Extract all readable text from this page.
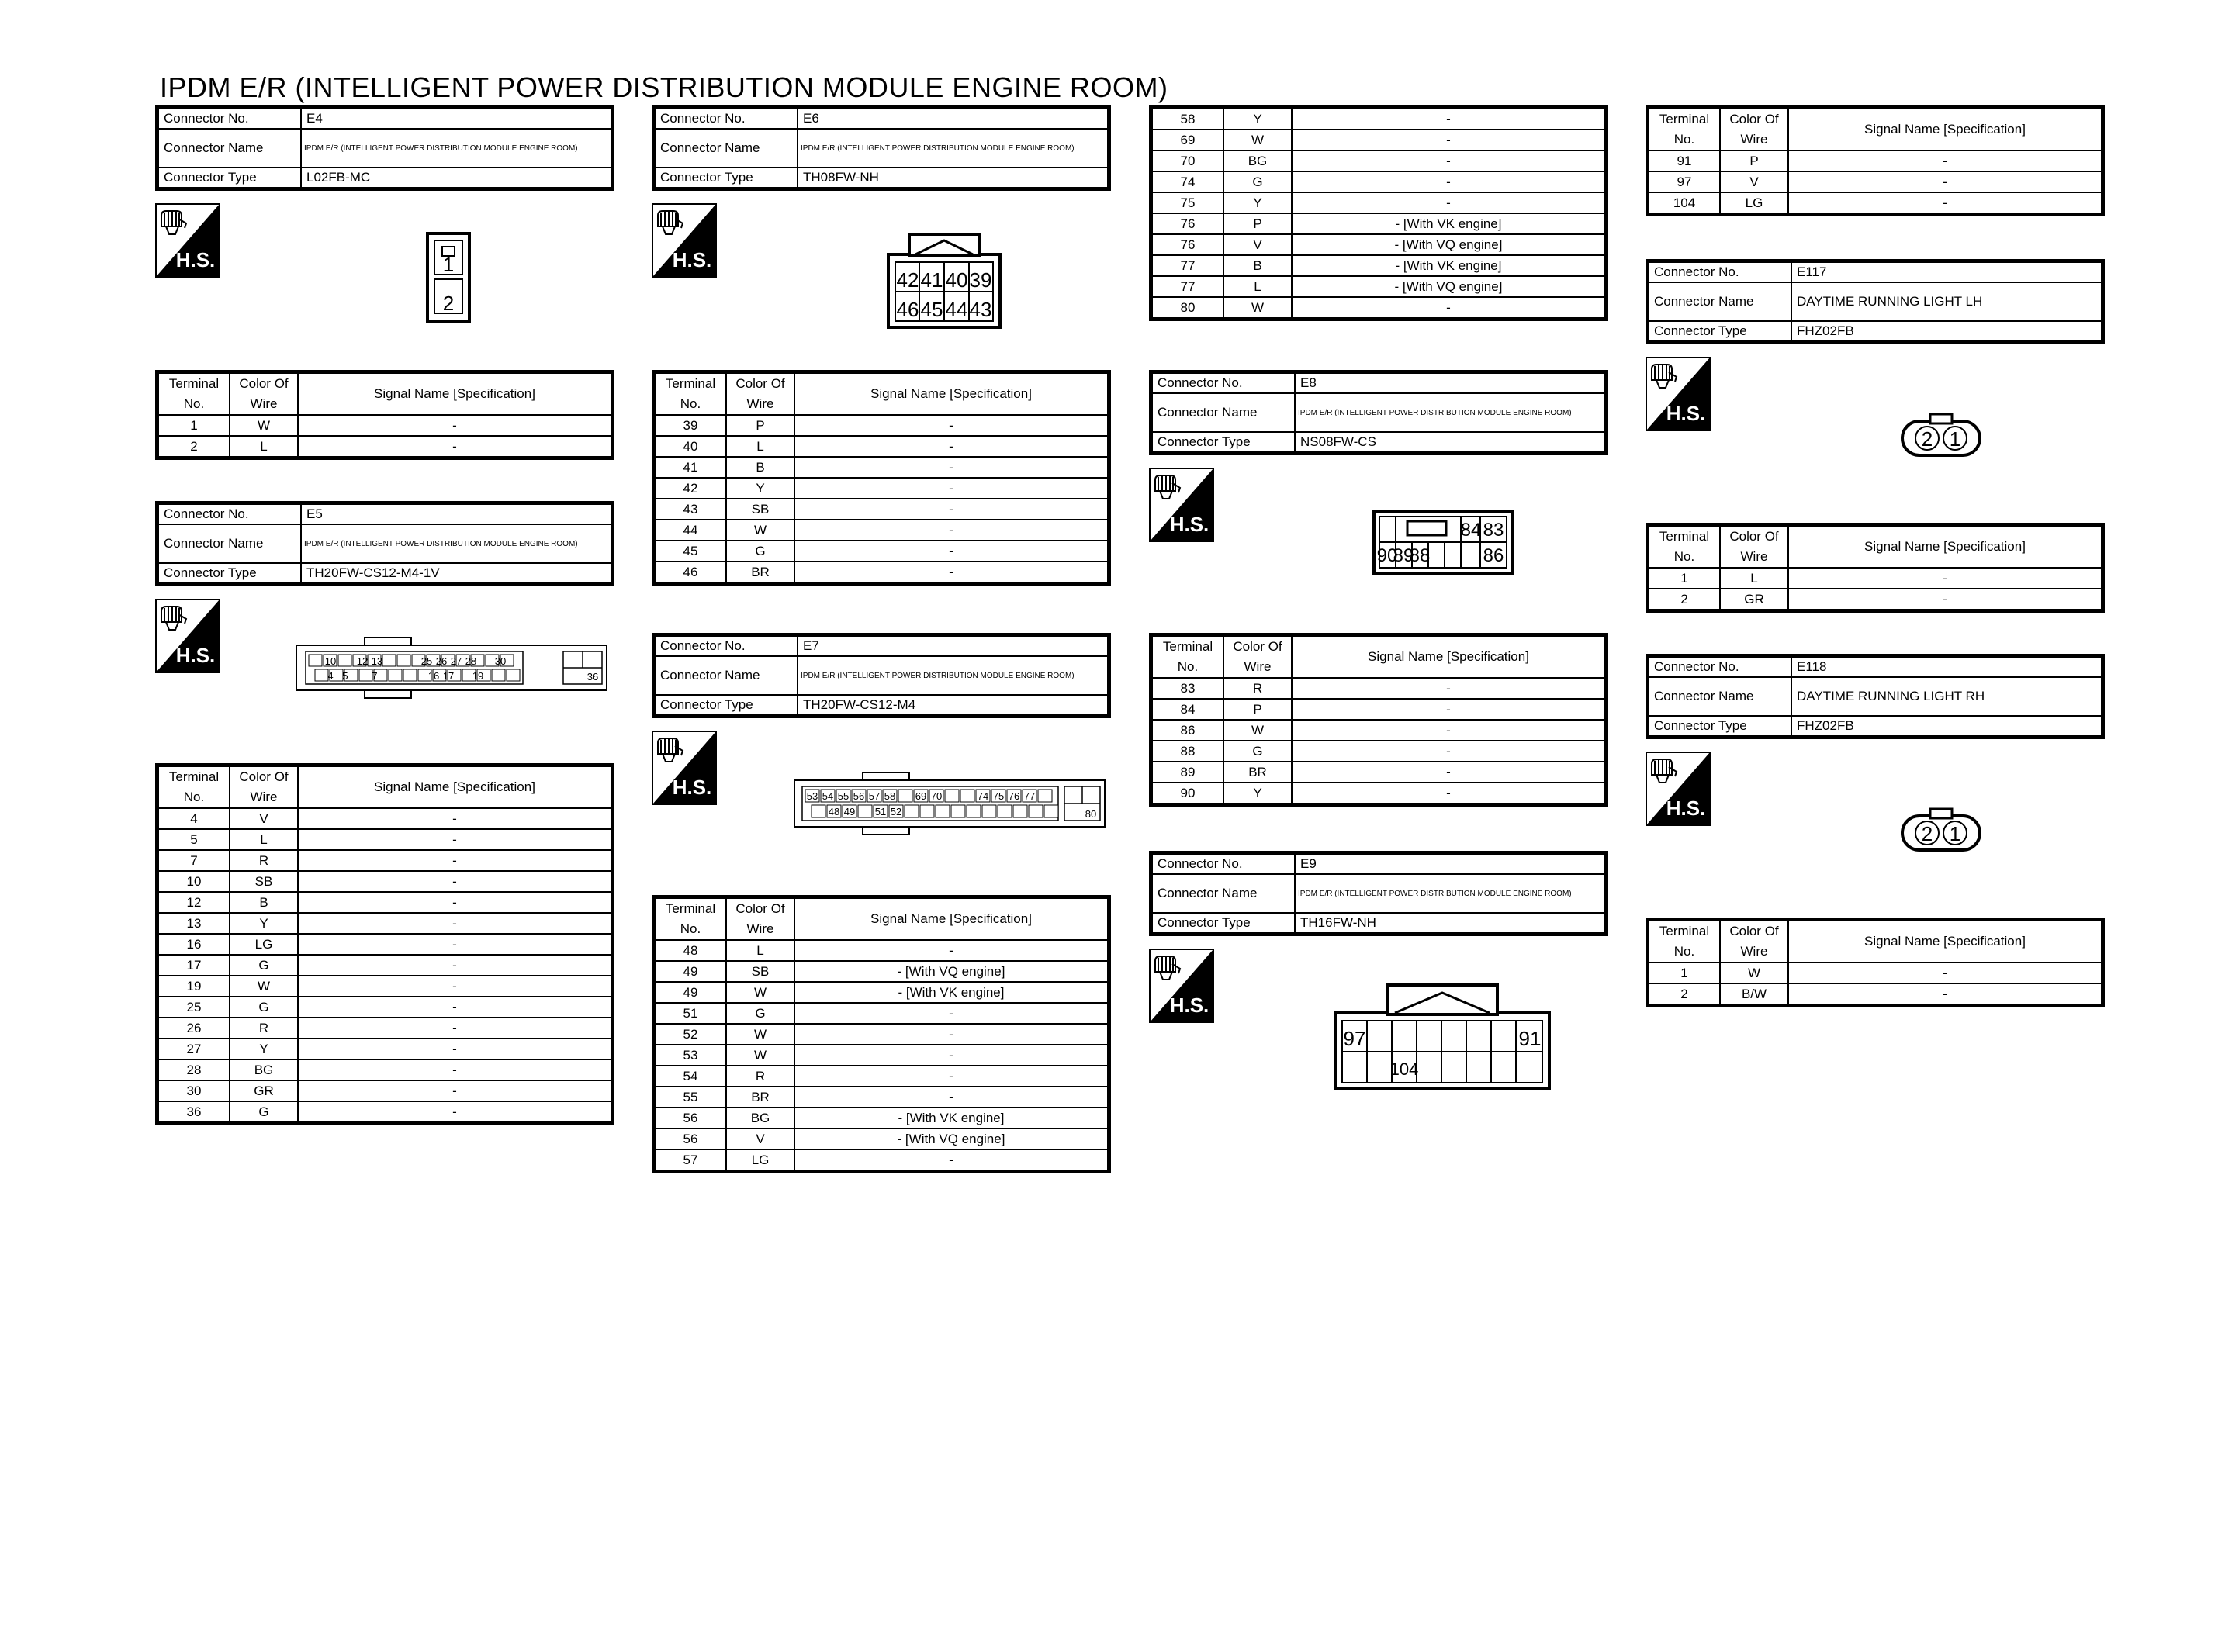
IPDM E/R (INTELLIGENT POWER DISTRIBUTION MODULE ENGINE ROOM)
Connector No.	E4
Connector Name	IPDM E/R (INTELLIGENT POWER DISTRIBUTION MODULE ENGINE ROOM)
Connector Type	L02FB-MC
H.S.	1
2
Terminal No.	Color Of Wire	Signal Name [Specification]
1	W	-
2	L	-
Connector No.	E5
Connector Name	IPDM E/R (INTELLIGENT POWER DISTRIBUTION MODULE ENGINE ROOM)
Connector Type	TH20FW-CS12-M4-1V
H.S.	10 12 13	25 26 27 28 30
4 5 7	16 17 19	36
Terminal No.	Color Of Wire	Signal Name [Specification]
4	V	-
5	L	-
7	R	-
10	SB	-
12	B	-
13	Y	-
16	LG	-
17	G	-
19	W	-
25	G	-
26	R	-
27	Y	-
28	BG	-
30	GR	-
36	G	-
Connector No.	E6
Connector Name	IPDM E/R (INTELLIGENT POWER DISTRIBUTION MODULE ENGINE ROOM)
Connector Type	TH08FW-NH
H.S.
42 41 40 39
46 45 44 43
Terminal No.	Color Of Wire	Signal Name [Specification]
39	P	-
40	L	-
41	B	-
42	Y	-
43	SB	-
44	W	-
45	G	-
46	BR	-
Connector No.	E7
Connector Name	IPDM E/R (INTELLIGENT POWER DISTRIBUTION MODULE ENGINE ROOM)
Connector Type	TH20FW-CS12-M4
H.S.	53 54 55 56 57 58 69 70	74 75 76 77
48 49 51 52	80
Terminal No.	Color Of Wire	Signal Name [Specification]
48	L	-
49	SB	- [With VQ engine]
49	W	- [With VK engine]
51	G	-
52	W	-
53	W	-
54	R	-
55	BR	-
56	BG	- [With VK engine]
56	V	- [With VQ engine]
57	LG	-
58	Y	-
69	W	-
70	BG	-
74	G	-
75	Y	-
76	P	- [With VK engine]
76	V	- [With VQ engine]
77	B	- [With VK engine]
77	L	- [With VQ engine]
80	W	-
Connector No.	E8
Connector Name	IPDM E/R (INTELLIGENT POWER DISTRIBUTION MODULE ENGINE ROOM)
Connector Type	NS08FW-CS
H.S.	84 83
90
89
88	86
Terminal No.	Color Of Wire	Signal Name [Specification]
83	R	-
84	P	-
86	W	-
88	G	-
89	BR	-
90	Y	-
Connector No.	E9
Connector Name	IPDM E/R (INTELLIGENT POWER DISTRIBUTION MODULE ENGINE ROOM)
Connector Type	TH16FW-NH
H.S.
97	91
104
Terminal No.	Color Of Wire	Signal Name [Specification]
91	P	-
97	V	-
104	LG	-
Connector No.	E117
Connector Name	DAYTIME RUNNING LIGHT LH
Connector Type	FHZ02FB
H.S.
2 1
Terminal No.	Color Of Wire	Signal Name [Specification]
1	L	-
2	GR	-
Connector No.	E118
Connector Name	DAYTIME RUNNING LIGHT RH
Connector Type	FHZ02FB
H.S.
2 1
Terminal No.	Color Of Wire	Signal Name [Specification]
1	W	-
2	B/W	-
